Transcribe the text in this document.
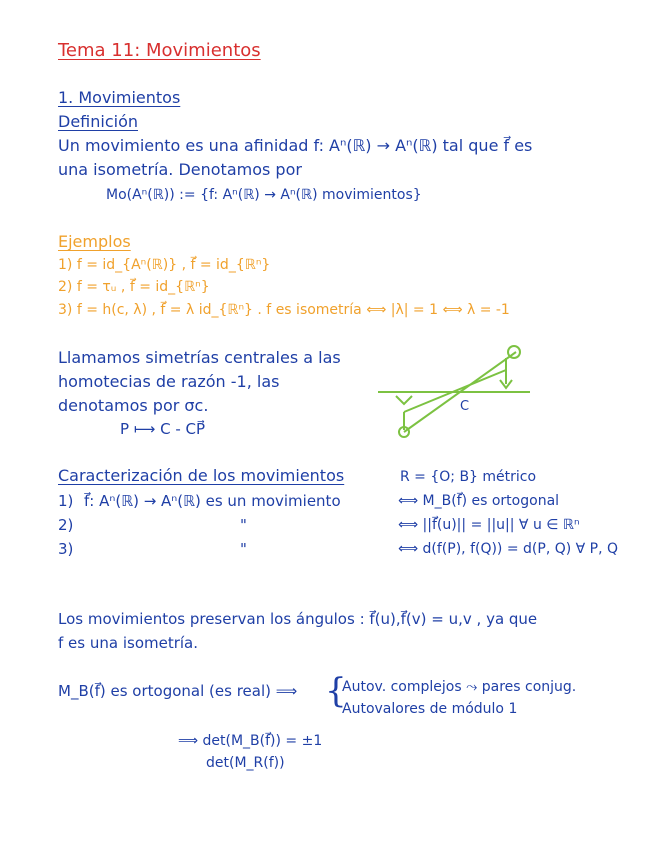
Tema 11: Movimientos
1. Movimientos
Definición
Un movimiento es una afinidad f: Aⁿ(ℝ) → Aⁿ(ℝ) tal que f⃗ es
una isometría. Denotamos por
Mo(Aⁿ(ℝ)) := {f: Aⁿ(ℝ) → Aⁿ(ℝ) movimientos}
Ejemplos
1) f = id_{Aⁿ(ℝ)} , f⃗ = id_{ℝⁿ}
2) f = τᵤ , f⃗ = id_{ℝⁿ}
3) f = h(c, λ) , f⃗ = λ id_{ℝⁿ} . f es isometría ⟺ |λ| = 1 ⟺ λ = -1
Llamamos simetrías centrales a las
homotecias de razón -1, las
denotamos por σc.
P ⟼ C - CP⃗
C
Caracterización de los movimientos	R = {O; B} métrico
1) f⃗: Aⁿ(ℝ) → Aⁿ(ℝ) es un movimiento	⟺ M_B(f⃗) es ortogonal
2)	"	⟺ ||f⃗(u)|| = ||u|| ∀ u ∈ ℝⁿ
3)	"	⟺ d(f(P), f(Q)) = d(P, Q) ∀ P, Q
Los movimientos preservan los ángulos : f⃗(u),f⃗(v) = u,v , ya que
f es una isometría.
M_B(f⃗) es ortogonal (es real) ⟹ {
Autov. complejos ⤳ pares conjug.
Autovalores de módulo 1
⟹ det(M_B(f⃗)) = ±1
det(M_R(f))
